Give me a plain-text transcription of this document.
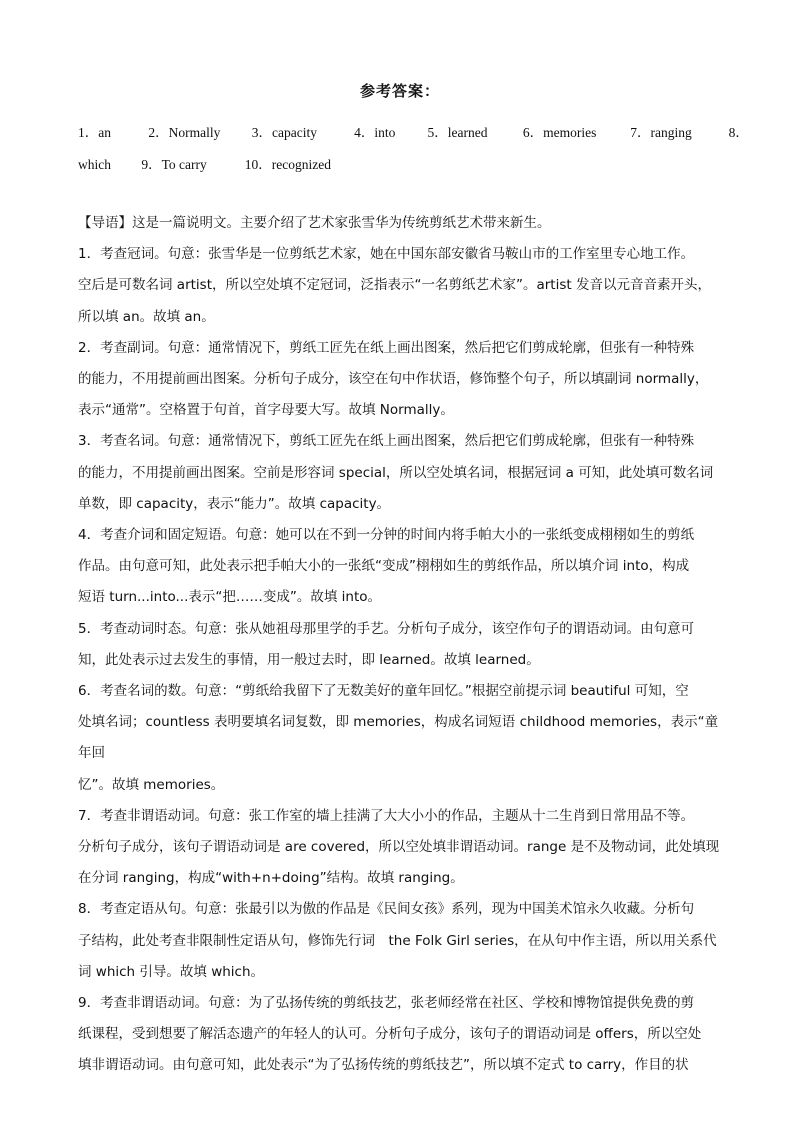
参考答案：
1．an	2．Normally 3．capacity	4．into 5．learned	6．memories	7．ranging	8．
which 9．To carry	10．recognized

【导语】这是一篇说明文。主要介绍了艺术家张雪华为传统剪纸艺术带来新生。

1．考查冠词。句意：张雪华是一位剪纸艺术家，她在中国东部安徽省马鞍山市的工作室里专心地工作。

空后是可数名词 artist，所以空处填不定冠词，泛指表示“一名剪纸艺术家”。artist 发音以元音音素开头，

所以填 an。故填 an。

2．考查副词。句意：通常情况下，剪纸工匠先在纸上画出图案，然后把它们剪成轮廓，但张有一种特殊

的能力，不用提前画出图案。分析句子成分，该空在句中作状语，修饰整个句子，所以填副词 normally，

表示“通常”。空格置于句首，首字母要大写。故填 Normally。

3．考查名词。句意：通常情况下，剪纸工匠先在纸上画出图案，然后把它们剪成轮廓，但张有一种特殊

的能力，不用提前画出图案。空前是形容词 special，所以空处填名词，根据冠词 a 可知，此处填可数名词

单数，即 capacity，表示“能力”。故填 capacity。

4．考查介词和固定短语。句意：她可以在不到一分钟的时间内将手帕大小的一张纸变成栩栩如生的剪纸

作品。由句意可知，此处表示把手帕大小的一张纸“变成”栩栩如生的剪纸作品，所以填介词 into，构成

短语 turn...into...表示“把……变成”。故填 into。

5．考查动词时态。句意：张从她祖母那里学的手艺。分析句子成分，该空作句子的谓语动词。由句意可

知，此处表示过去发生的事情，用一般过去时，即 learned。故填 learned。

6．考查名词的数。句意：“剪纸给我留下了无数美好的童年回忆。”根据空前提示词 beautiful 可知，空

处填名词；countless 表明要填名词复数，即 memories，构成名词短语 childhood memories，表示“童年回

忆”。故填 memories。

7．考查非谓语动词。句意：张工作室的墙上挂满了大大小小的作品，主题从十二生肖到日常用品不等。

分析句子成分，该句子谓语动词是 are covered，所以空处填非谓语动词。range 是不及物动词，此处填现

在分词 ranging，构成“with+n+doing”结构。故填 ranging。

8．考查定语从句。句意：张最引以为傲的作品是《民间女孩》系列，现为中国美术馆永久收藏。分析句

子结构，此处考查非限制性定语从句，修饰先行词　the Folk Girl series，在从句中作主语，所以用关系代

词 which 引导。故填 which。

9．考查非谓语动词。句意：为了弘扬传统的剪纸技艺，张老师经常在社区、学校和博物馆提供免费的剪

纸课程，受到想要了解活态遗产的年轻人的认可。分析句子成分，该句子的谓语动词是 offers，所以空处

填非谓语动词。由句意可知，此处表示“为了弘扬传统的剪纸技艺”，所以填不定式 to carry，作目的状
